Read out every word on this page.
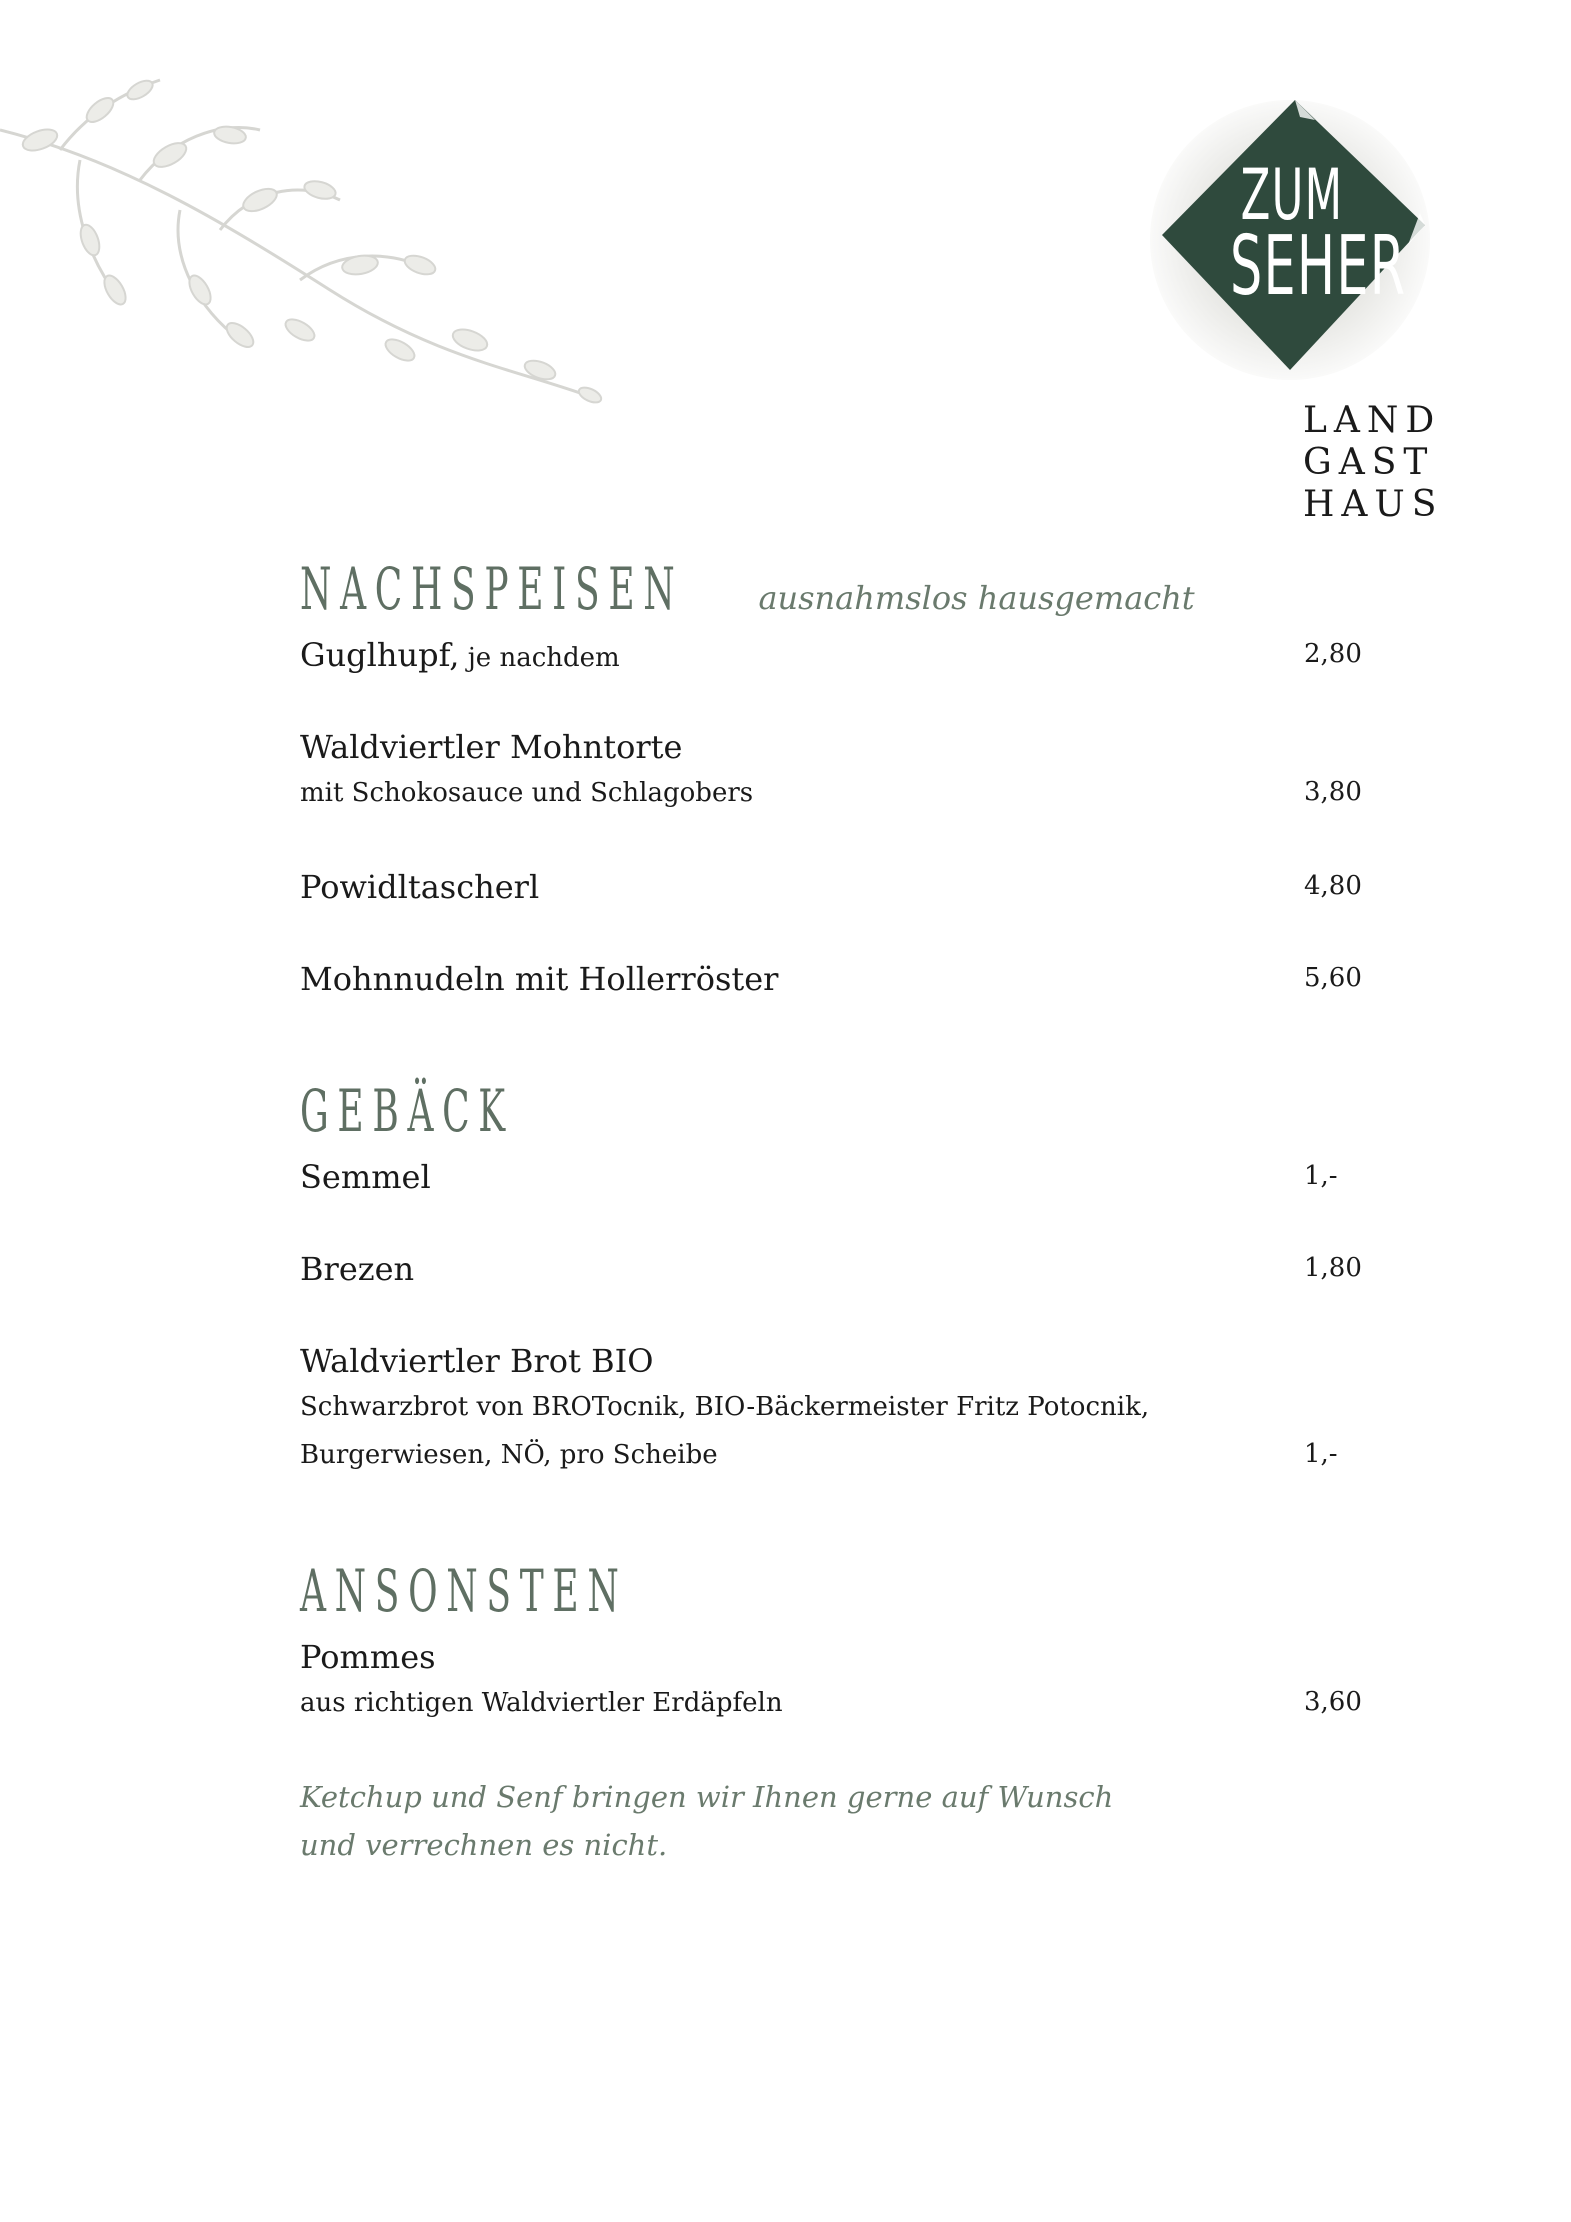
ZUM
SEHER
LAND
GAST
HAUS
NACHSPEISEN ausnahmslos hausgemacht
Guglhupf, je nachdem	2,80
Waldviertler Mohntorte
mit Schokosauce und Schlagobers	3,80
Powidltascherl	4,80
Mohnnudeln mit Hollerröster	5,60
GEBÄCK
Semmel	1,-
Brezen	1,80
Waldviertler Brot BIO
Schwarzbrot von BROTocnik, BIO-Bäckermeister Fritz Potocnik,
Burgerwiesen, NÖ, pro Scheibe	1,-
ANSONSTEN
Pommes
aus richtigen Waldviertler Erdäpfeln	3,60
Ketchup und Senf bringen wir Ihnen gerne auf Wunsch
und verrechnen es nicht.
